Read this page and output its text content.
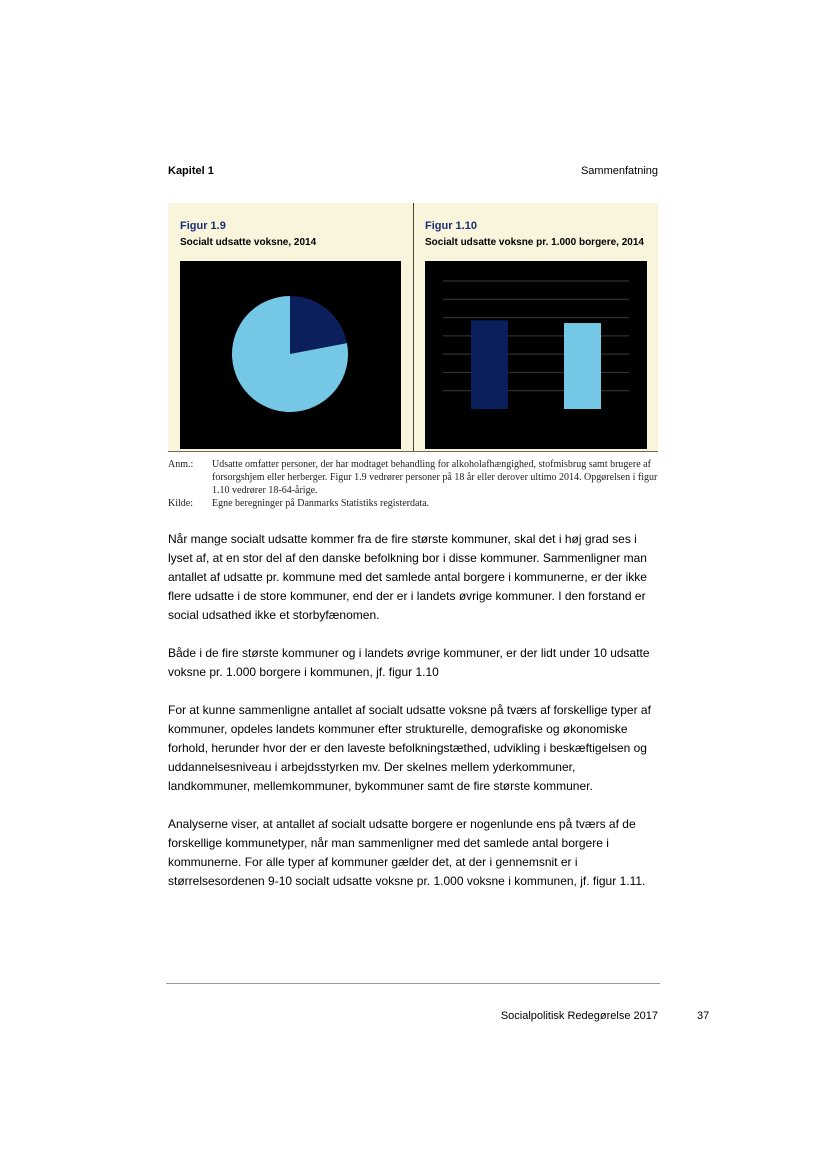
Kapitel 1	Sammenfatning
Figur 1.9
Socialt udsatte voksne, 2014
Figur 1.10
Socialt udsatte voksne pr. 1.000 borgere, 2014
Anm.:	Udsatte omfatter personer, der har modtaget behandling for alkoholafhængighed, stofmisbrug samt brugere af forsorgshjem eller herberger. Figur 1.9 vedrører personer på 18 år eller derover ultimo 2014. Opgørelsen i figur 1.10 vedrører 18-64-årige.
Kilde:	Egne beregninger på Danmarks Statistiks registerdata.

Når mange socialt udsatte kommer fra de fire største kommuner, skal det i høj grad ses i lyset af, at en stor del af den danske befolkning bor i disse kommuner. Sammenligner man antallet af udsatte pr. kommune med det samlede antal borgere i kommunerne, er der ikke flere udsatte i de store kommuner, end der er i landets øvrige kommuner. I den forstand er social udsathed ikke et storbyfænomen.

Både i de fire største kommuner og i landets øvrige kommuner, er der lidt under 10 udsatte voksne pr. 1.000 borgere i kommunen, jf. figur 1.10

For at kunne sammenligne antallet af socialt udsatte voksne på tværs af forskellige typer af kommuner, opdeles landets kommuner efter strukturelle, demografiske og økonomiske forhold, herunder hvor der er den laveste befolkningstæthed, udvikling i beskæftigelsen og uddannelsesniveau i arbejdsstyrken mv. Der skelnes mellem yderkommuner, landkommuner, mellemkommuner, bykommuner samt de fire største kommuner.

Analyserne viser, at antallet af socialt udsatte borgere er nogenlunde ens på tværs af de forskellige kommunetyper, når man sammenligner med det samlede antal borgere i kommunerne. For alle typer af kommuner gælder det, at der i gennemsnit er i størrelsesordenen 9-10 socialt udsatte voksne pr. 1.000 voksne i kommunen, jf. figur 1.11.

Socialpolitisk Redegørelse 2017	37
